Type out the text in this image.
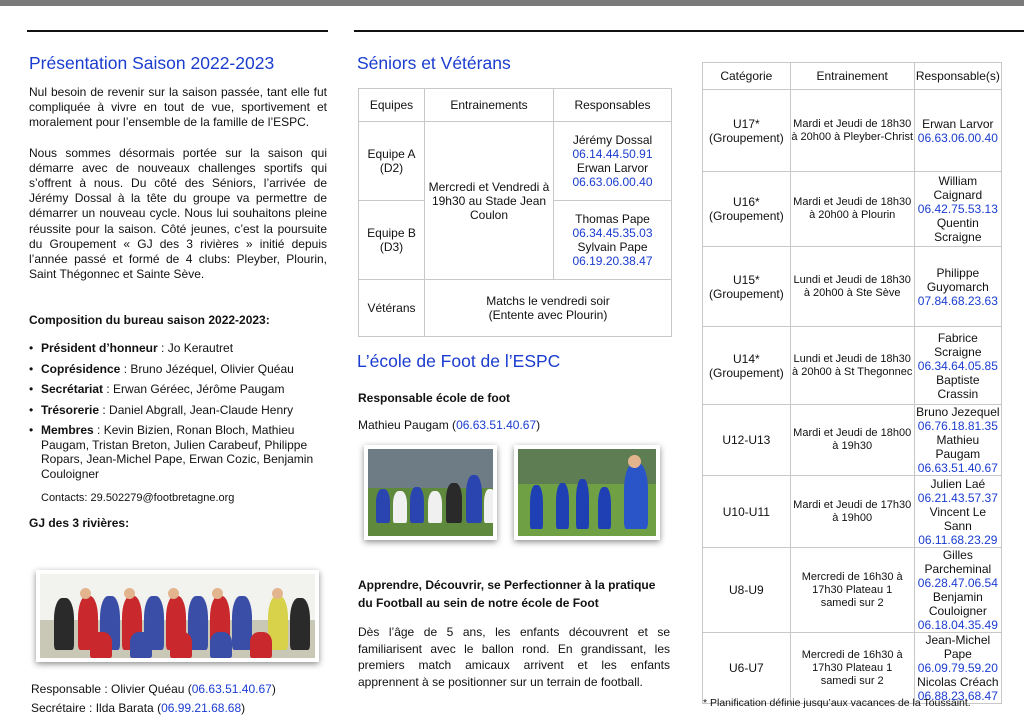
Présentation Saison 2022-2023

Nul besoin de revenir sur la saison passée, tant elle fut compliquée à vivre en tout de vue, sportivement et moralement pour l’ensemble de la famille de l’ESPC.

Nous sommes désormais portée sur la saison qui démarre avec de nouveaux challenges sportifs qui s’offrent à nous. Du côté des Séniors, l’arrivée de Jérémy Dossal à la tête du groupe va permettre de démarrer un nouveau cycle. Nous lui souhaitons pleine réussite pour la saison. Côté jeunes, c’est la poursuite du Groupement « GJ des 3 rivières » initié depuis l’année passé et formé de 4 clubs: Pleyber, Plourin, Saint Thégonnec et Sainte Sève.

Composition du bureau saison 2022-2023:

• Président d’honneur : Jo Kerautret
• Coprésidence : Bruno Jézéquel, Olivier Quéau
• Secrétariat : Erwan Géréec, Jérôme Paugam
• Trésorerie : Daniel Abgrall, Jean-Claude Henry
• Membres : Kevin Bizien, Ronan Bloch, Mathieu Paugam, Tristan Breton, Julien Carabeuf, Philippe Ropars, Jean-Michel Pape, Erwan Cozic, Benjamin Couloigner

Contacts: 29.502279@footbretagne.org

GJ des 3 rivières:

Responsable : Olivier Quéau (06.63.51.40.67)

Secrétaire : Ilda Barata (06.99.21.68.68)

Séniors et Vétérans
Equipes	Entrainements	Responsables
Equipe A (D2)	Mercredi et Vendredi à 19h30 au Stade Jean Coulon	Jérémy Dossal
06.14.44.50.91
Erwan Larvor
06.63.06.00.40

Equipe B (D3)		Thomas Pape
06.34.45.35.03
Sylvain Pape
06.19.20.38.47

Vétérans	Matchs le vendredi soir (Entente avec Plourin)	
L’école de Foot de l’ESPC

Responsable école de foot

Mathieu Paugam (06.63.51.40.67)

Apprendre, Découvrir, se Perfectionner à la pratique du Football au sein de notre école de Foot

Dès l’âge de 5 ans, les enfants découvrent et se familiarisent avec le ballon rond. En grandissant, les premiers match amicaux arrivent et les enfants apprennent à se positionner sur un terrain de football.

Catégorie	Entrainement	Responsable(s)
U17* (Groupement)	Mardi et Jeudi de 18h30 à 20h00 à Pleyber-Christ	Erwan Larvor
06.63.06.00.40

U16* (Groupement)	Mardi et Jeudi de 18h30 à 20h00 à Plourin	William Caignard
06.42.75.53.13
Quentin Scraigne

U15* (Groupement)	Lundi et Jeudi de 18h30 à 20h00 à Ste Sève	Philippe Guyomarch
07.84.68.23.63

U14* (Groupement)	Lundi et Jeudi de 18h30 à 20h00 à St Thegonnec	Fabrice Scraigne
06.34.64.05.85
Baptiste Crassin

U12-U13	Mardi et Jeudi de 18h00 à 19h30	Bruno Jezequel
06.76.18.81.35
Mathieu Paugam
06.63.51.40.67

U10-U11	Mardi et Jeudi de 17h30 à 19h00	Julien Laé
06.21.43.57.37
Vincent Le Sann
06.11.68.23.29

U8-U9	Mercredi de 16h30 à 17h30 Plateau 1 samedi sur 2	Gilles Parcheminal
06.28.47.06.54
Benjamin Couloigner
06.18.04.35.49

U6-U7	Mercredi de 16h30 à 17h30 Plateau 1 samedi sur 2	Jean-Michel Pape
06.09.79.59.20
Nicolas Créach
06.88.23.68.47

* Planification définie jusqu’aux vacances de la Toussaint.
